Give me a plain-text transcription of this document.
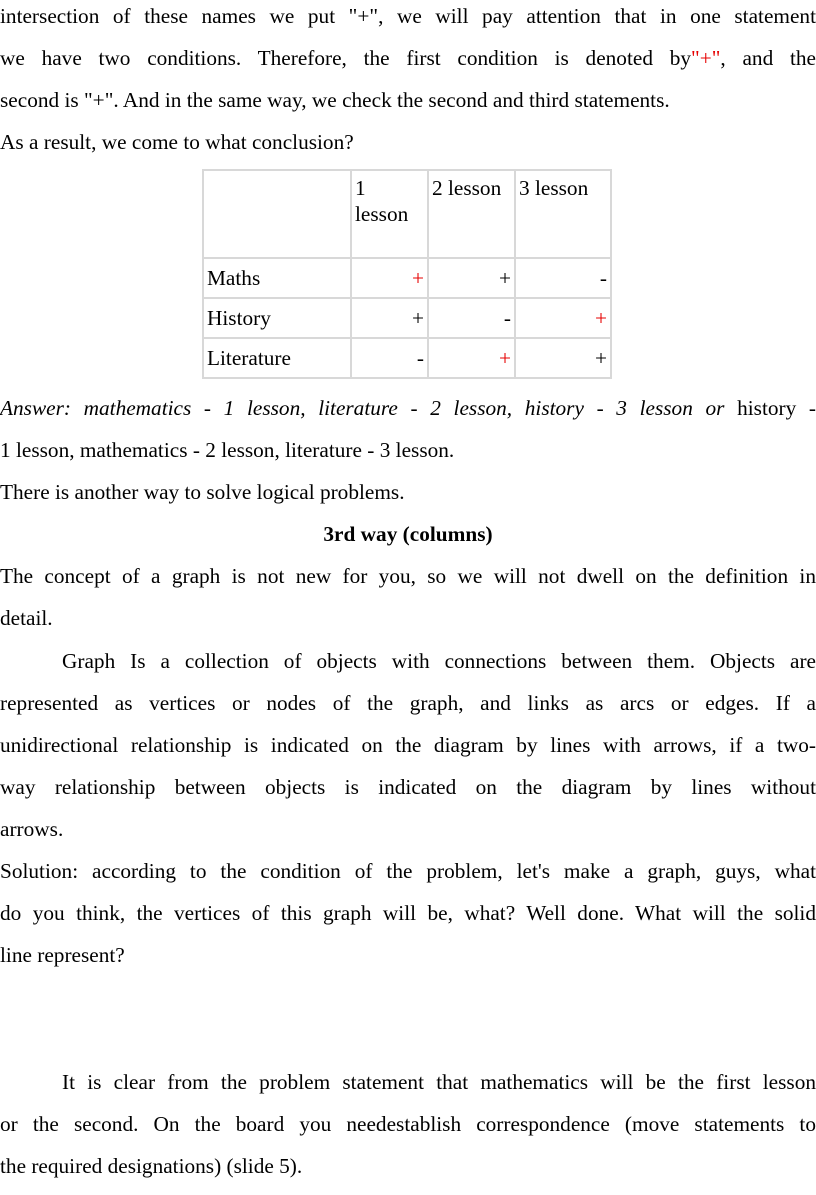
intersection of these names we put "+", we will pay attention that in one statement
we have two conditions. Therefore, the first condition is denoted by"+", and the
second is "+". And in the same way, we check the second and third statements.
As a result, we come to what conclusion?
	1 lesson	2 lesson	3 lesson
Maths	+	+	-
History	+	-	+
Literature	-	+	+
Answer: mathematics - 1 lesson, literature - 2 lesson, history - 3 lesson or history -
1 lesson, mathematics - 2 lesson, literature - 3 lesson.
There is another way to solve logical problems.
3rd way (columns)
The concept of a graph is not new for you, so we will not dwell on the definition in
detail.
Graph Is a collection of objects with connections between them. Objects are
represented as vertices or nodes of the graph, and links as arcs or edges. If a
unidirectional relationship is indicated on the diagram by lines with arrows, if a two-
way relationship between objects is indicated on the diagram by lines without
arrows.
Solution: according to the condition of the problem, let's make a graph, guys, what
do you think, the vertices of this graph will be, what? Well done. What will the solid
line represent?
It is clear from the problem statement that mathematics will be the first lesson
or the second. On the board you needestablish correspondence (move statements to
the required designations) (slide 5).
